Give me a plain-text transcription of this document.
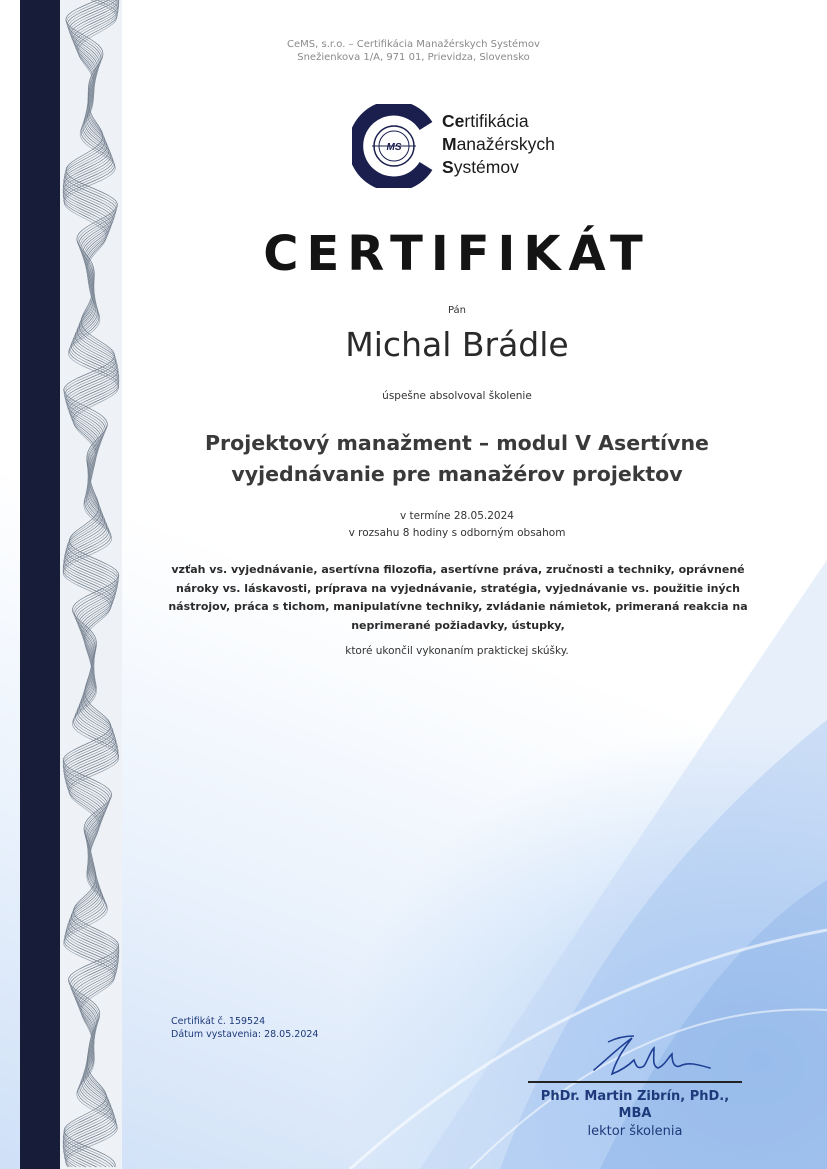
CeMS, s.r.o. – Certifikácia Manažérskych Systémov
Snežienkova 1/A, 971 01, Prievidza, Slovensko
MS
Certifikácia
Manažérskych
Systémov
CERTIFIKÁT
Pán
Michal Brádle
úspešne absolvoval školenie
Projektový manažment – modul V Asertívne vyjednávanie pre manažérov projektov
v termíne 28.05.2024
v rozsahu 8 hodiny s odborným obsahom
vzťah vs. vyjednávanie, asertívna filozofia, asertívne práva, zručnosti a techniky, oprávnené nároky vs. láskavosti, príprava na vyjednávanie, stratégia, vyjednávanie vs. použitie iných nástrojov, práca s tichom, manipulatívne techniky, zvládanie námietok, primeraná reakcia na neprimerané požiadavky, ústupky,
ktoré ukončil vykonaním praktickej skúšky.
Certifikát č. 159524
Dátum vystavenia: 28.05.2024
PhDr. Martin Zibrín, PhD., MBA
lektor školenia
